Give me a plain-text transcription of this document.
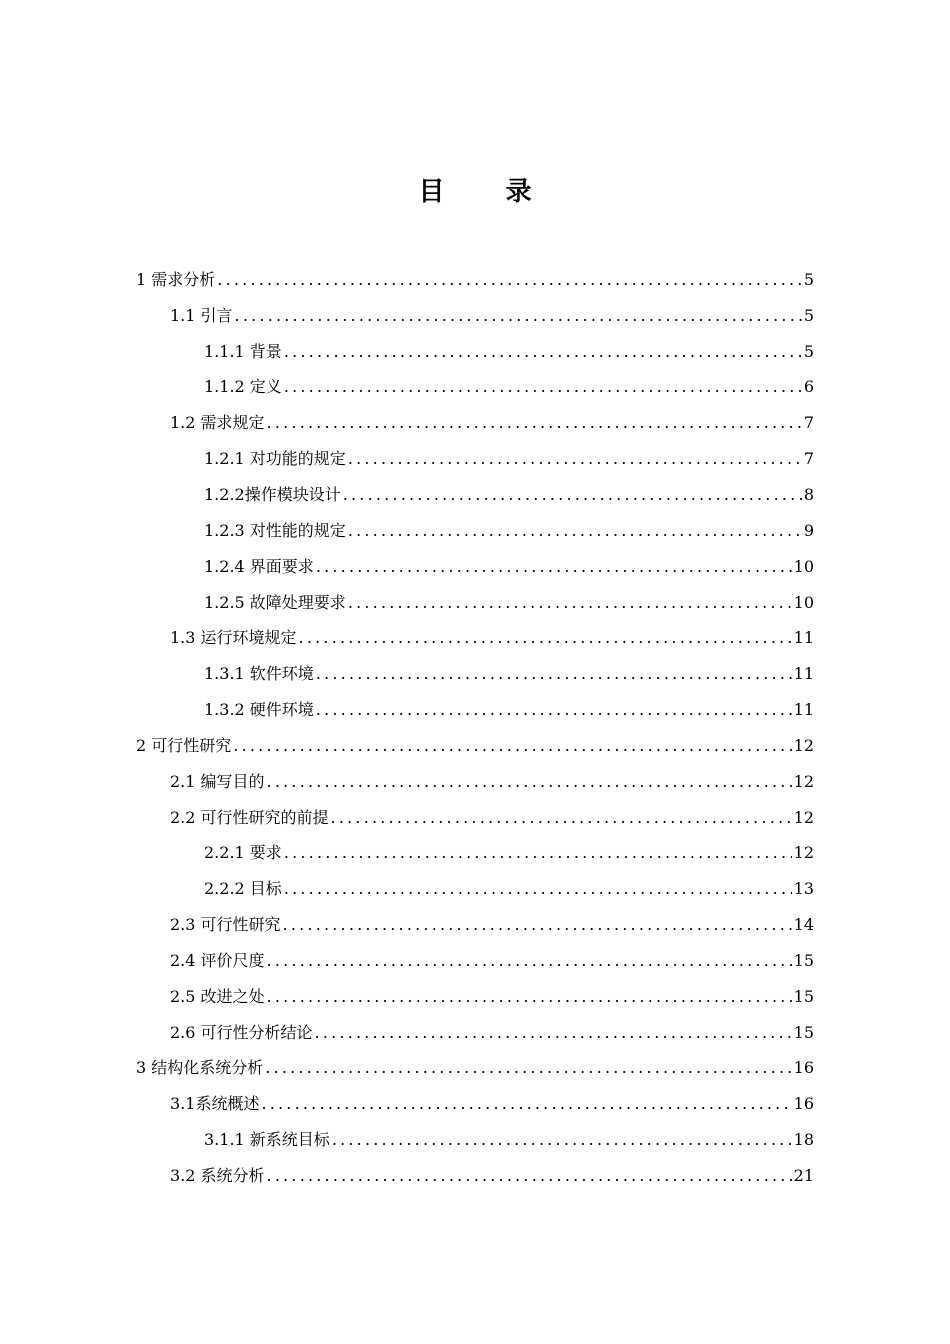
目 录
1 需求分析 .....	5
1.1 引言 .....	5
1.1.1 背景 .....	5
1.1.2 定义 .....	6
1.2 需求规定 .....	7
1.2.1 对功能的规定 .....	7
1.2.2操作模块设计 .....	8
1.2.3 对性能的规定 .....	9
1.2.4 界面要求 .....	10
1.2.5 故障处理要求 .....	10
1.3 运行环境规定 .....	11
1.3.1 软件环境 .....	11
1.3.2 硬件环境 .....	11
2 可行性研究 .....	12
2.1 编写目的 .....	12
2.2 可行性研究的前提 .....	12
2.2.1 要求 .....	12
2.2.2 目标 .....	13
2.3 可行性研究 .....	14
2.4 评价尺度 .....	15
2.5 改进之处 .....	15
2.6 可行性分析结论 .....	15
3 结构化系统分析 .....	16
3.1系统概述 .....	16
3.1.1 新系统目标 .....	18
3.2 系统分析 .....	21
